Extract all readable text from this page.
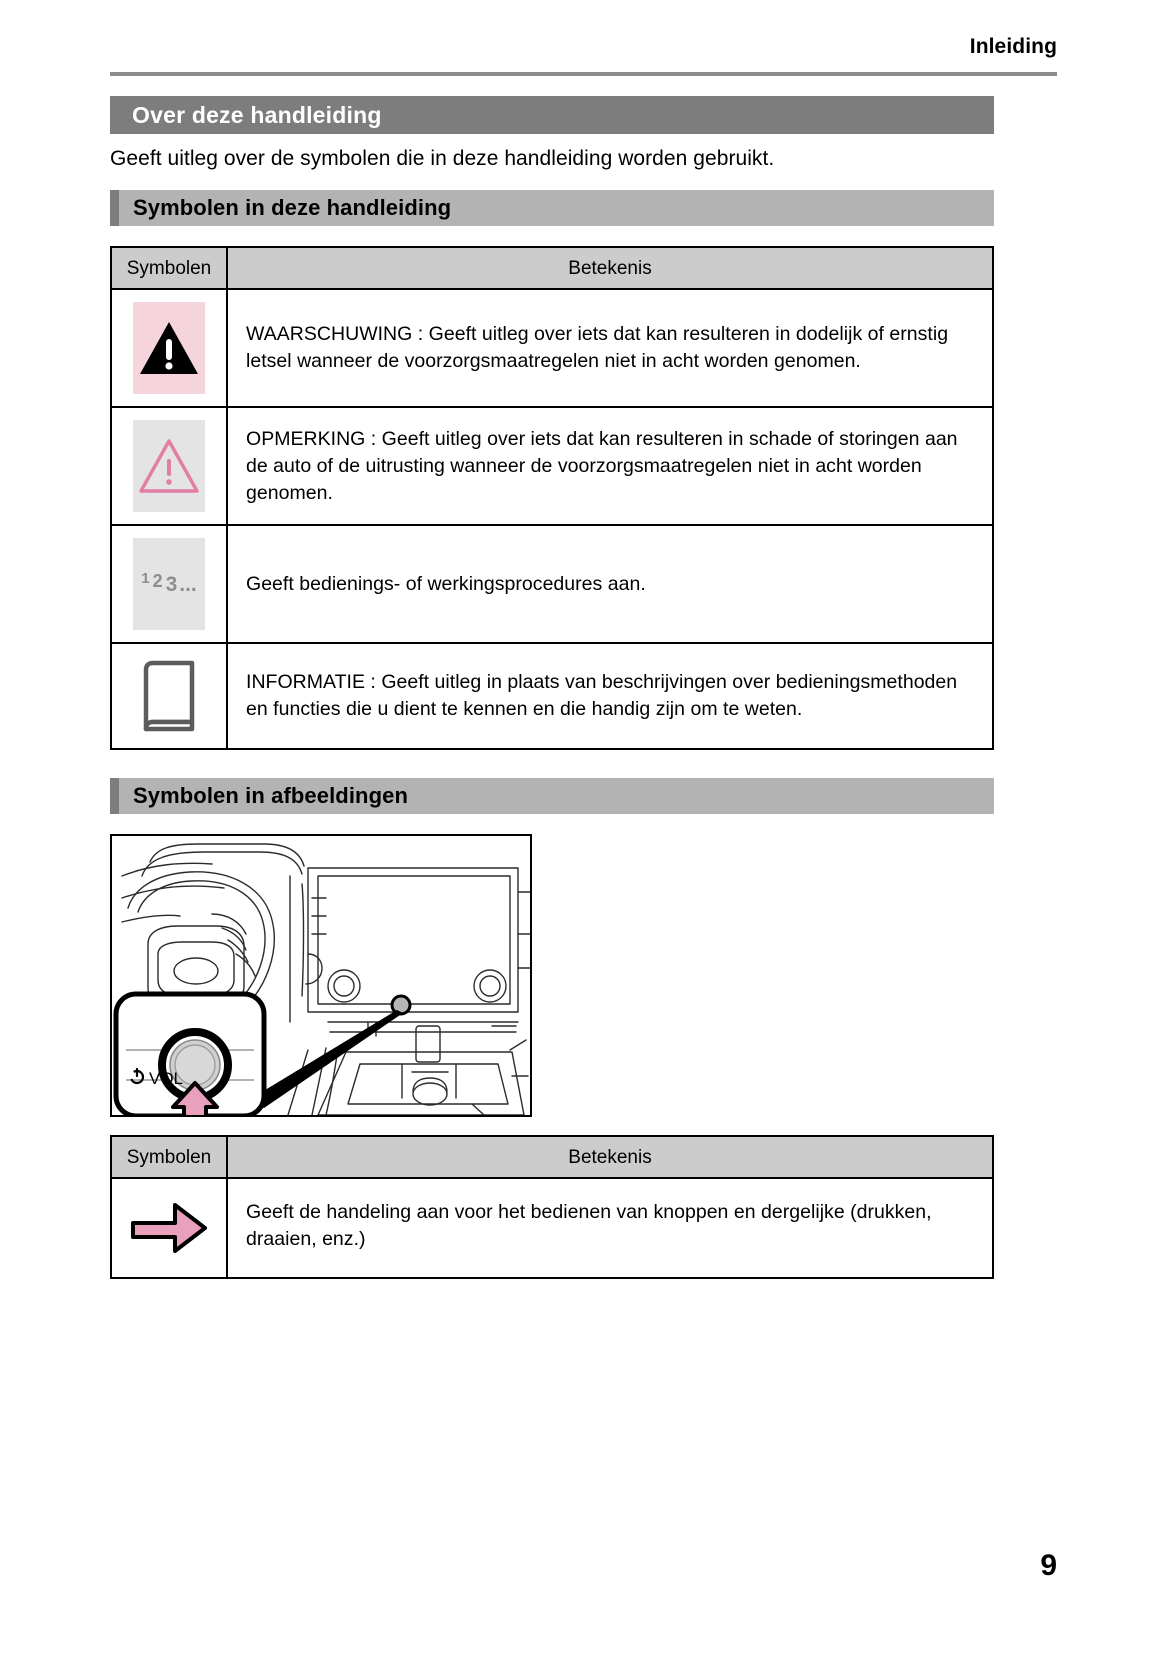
Inleiding
Over deze handleiding

Geeft uitleg over de symbolen die in deze handleiding worden gebruikt.

Symbolen in deze handleiding
Symbolen	Betekenis

WAARSCHUWING : Geeft uitleg over iets dat kan resulteren in dodelijk of ernstig letsel wanneer de voorzorgsmaatregelen niet in acht worden genomen.

OPMERKING : Geeft uitleg over iets dat kan resulteren in schade of storingen aan de auto of de uitrusting wanneer de voorzorgsmaatregelen niet in acht worden genomen.

1 2 3 ...	Geeft bedienings- of werkingsprocedures aan.

INFORMATIE : Geeft uitleg in plaats van beschrijvingen over bedieningsmethoden en functies die u dient te kennen en die handig zijn om te weten.
Symbolen in afbeeldingen
VOL
Symbolen	Betekenis

Geeft de handeling aan voor het bedienen van knoppen en dergelijke (drukken, draaien, enz.)
9
